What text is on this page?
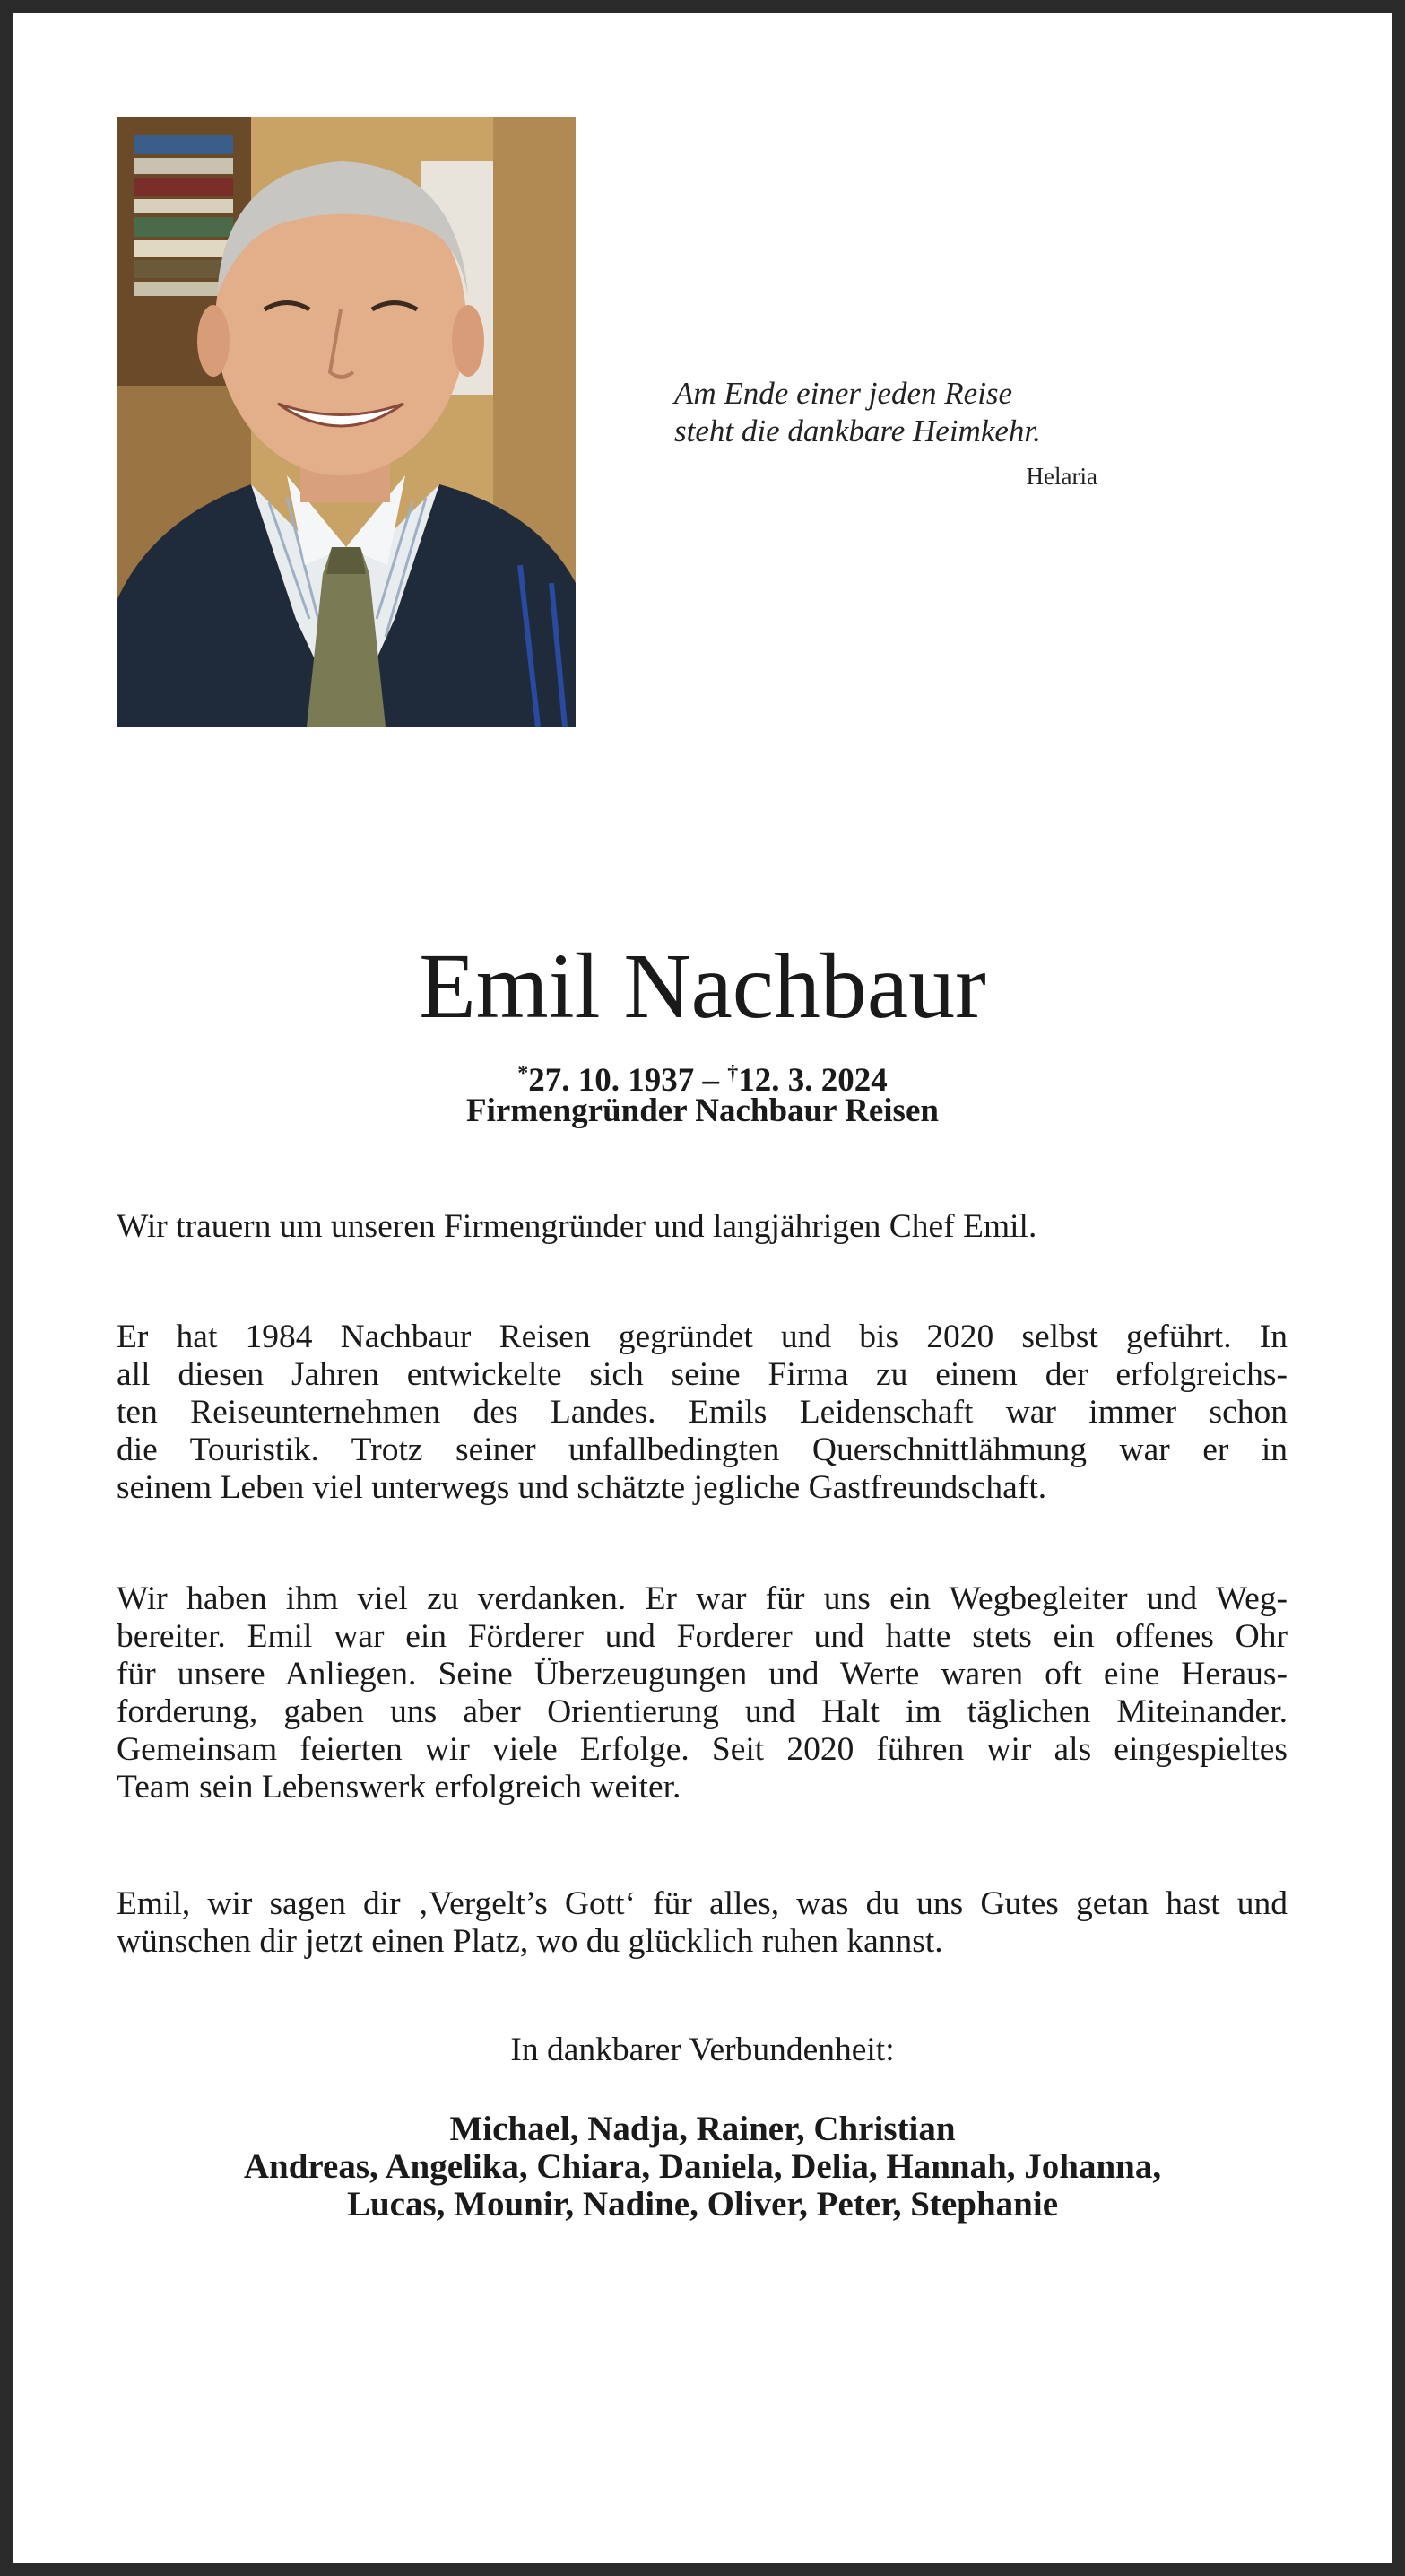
Am Ende einer jeden Reise
steht die dankbare Heimkehr.
Helaria
Emil Nachbaur
*27. 10. 1937 – †12. 3. 2024
Firmengründer Nachbaur Reisen
Wir trauern um unseren Firmengründer und langjährigen Chef Emil.
Er hat 1984 Nachbaur Reisen gegründet und bis 2020 selbst geführt. In
all diesen Jahren entwickelte sich seine Firma zu einem der erfolgreichs-
ten Reiseunternehmen des Landes. Emils Leidenschaft war immer schon
die Touristik. Trotz seiner unfallbedingten Querschnittlähmung war er in
seinem Leben viel unterwegs und schätzte jegliche Gastfreundschaft.
Wir haben ihm viel zu verdanken. Er war für uns ein Wegbegleiter und Weg-
bereiter. Emil war ein Förderer und Forderer und hatte stets ein offenes Ohr
für unsere Anliegen. Seine Überzeugungen und Werte waren oft eine Heraus-
forderung, gaben uns aber Orientierung und Halt im täglichen Miteinander.
Gemeinsam feierten wir viele Erfolge. Seit 2020 führen wir als eingespieltes
Team sein Lebenswerk erfolgreich weiter.
Emil, wir sagen dir ‚Vergelt’s Gott‘ für alles, was du uns Gutes getan hast und
wünschen dir jetzt einen Platz, wo du glücklich ruhen kannst.
In dankbarer Verbundenheit:
Michael, Nadja, Rainer, Christian
Andreas, Angelika, Chiara, Daniela, Delia, Hannah, Johanna,
Lucas, Mounir, Nadine, Oliver, Peter, Stephanie
